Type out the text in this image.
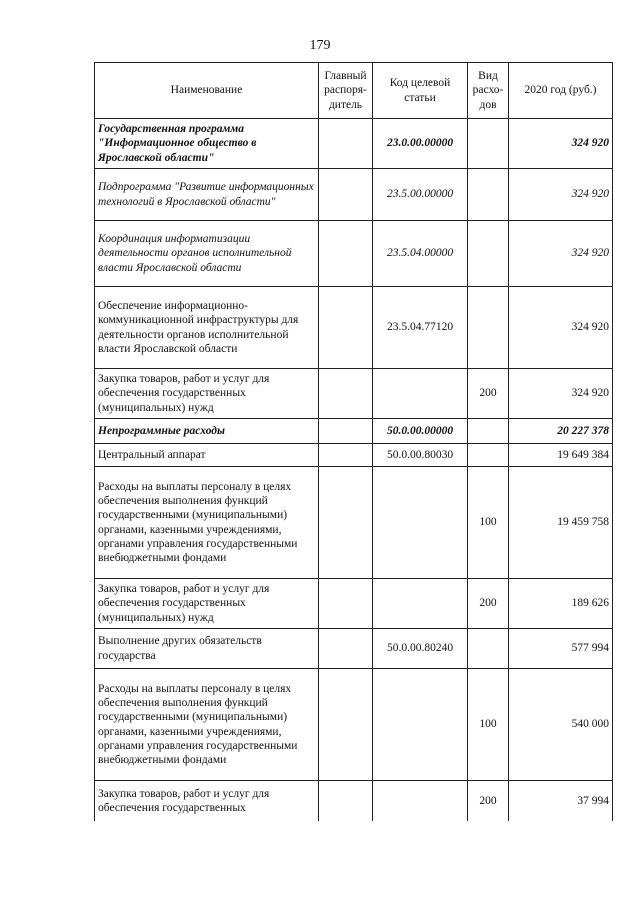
179
Наименование	Главный распоря-дитель	Код целевой статьи	Вид расхо-дов	2020 год (руб.)
Государственная программа "Информационное общество в Ярославской области"		23.0.00.00000		324 920
Подпрограмма "Развитие информационных технологий в Ярославской области"		23.5.00.00000		324 920
Координация информатизации деятельности органов исполнительной власти Ярославской области		23.5.04.00000		324 920
Обеспечение информационно-коммуникационной инфраструктуры для деятельности органов исполнительной власти Ярославской области		23.5.04.77120		324 920
Закупка товаров, работ и услуг для обеспечения государственных (муниципальных) нужд			200	324 920
Непрограммные расходы		50.0.00.00000		20 227 378
Центральный аппарат		50.0.00.80030		19 649 384
Расходы на выплаты персоналу в целях обеспечения выполнения функций государственными (муниципальными) органами, казенными учреждениями, органами управления государственными внебюджетными фондами			100	19 459 758
Закупка товаров, работ и услуг для обеспечения государственных (муниципальных) нужд			200	189 626
Выполнение других обязательств государства		50.0.00.80240		577 994
Расходы на выплаты персоналу в целях обеспечения выполнения функций государственными (муниципальными) органами, казенными учреждениями, органами управления государственными внебюджетными фондами			100	540 000
Закупка товаров, работ и услуг для обеспечения государственных			200	37 994
